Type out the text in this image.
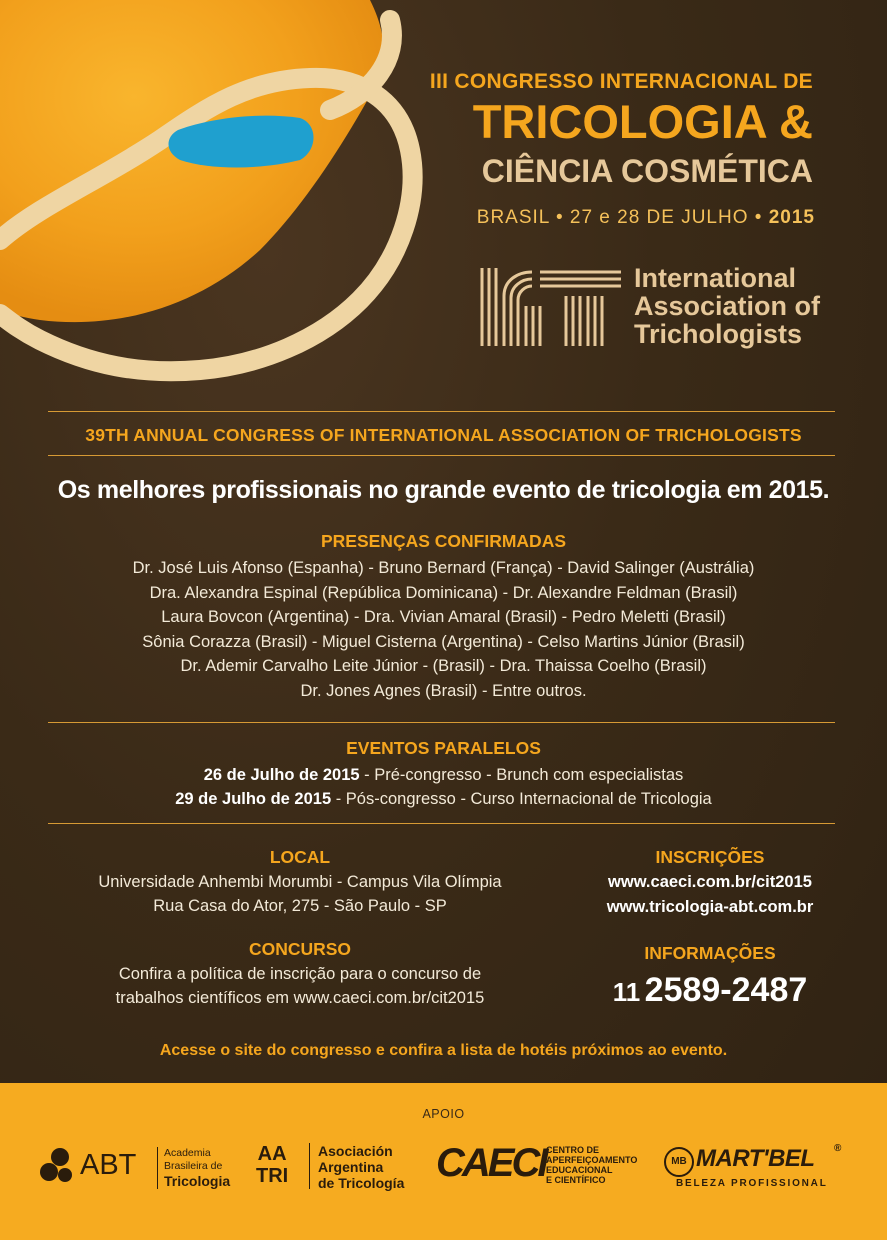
III CONGRESSO INTERNACIONAL DE
TRICOLOGIA &
CIÊNCIA COSMÉTICA
BRASIL • 27 e 28 DE JULHO • 2015
International
Association of
Trichologists
39TH ANNUAL CONGRESS OF INTERNATIONAL ASSOCIATION OF TRICHOLOGISTS
Os melhores profissionais no grande evento de tricologia em 2015.
PRESENÇAS CONFIRMADAS
Dr. José Luis Afonso (Espanha) - Bruno Bernard (França) - David Salinger (Austrália)
Dra. Alexandra Espinal (República Dominicana) - Dr. Alexandre Feldman (Brasil)
Laura Bovcon (Argentina) - Dra. Vivian Amaral (Brasil) - Pedro Meletti (Brasil)
Sônia Corazza (Brasil) - Miguel Cisterna (Argentina) - Celso Martins Júnior (Brasil)
Dr. Ademir Carvalho Leite Júnior - (Brasil) - Dra. Thaissa Coelho (Brasil)
Dr. Jones Agnes (Brasil) - Entre outros.
EVENTOS PARALELOS
26 de Julho de 2015 - Pré-congresso - Brunch com especialistas
29 de Julho de 2015 - Pós-congresso - Curso Internacional de Tricologia
LOCAL
Universidade Anhembi Morumbi - Campus Vila Olímpia
Rua Casa do Ator, 275 - São Paulo - SP
CONCURSO
Confira a política de inscrição para o concurso de
trabalhos científicos em www.caeci.com.br/cit2015
INSCRIÇÕES
www.caeci.com.br/cit2015
www.tricologia-abt.com.br
INFORMAÇÕES
11 2589-2487
Acesse o site do congresso e confira a lista de hotéis próximos ao evento.
APOIO
ABT	Academia
Brasileira de
Tricologia
AA
TRI
Asociación
Argentina
de Tricología CAECI CENTRO DE
APERFEIÇOAMENTO
EDUCACIONAL
E CIENTÍFICO
MB MART'BEL ®
BELEZA PROFISSIONAL
